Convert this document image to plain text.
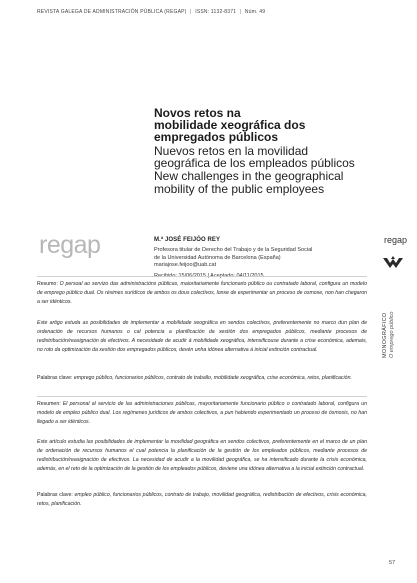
REVISTA GALEGA DE ADMINISTRACIÓN PÚBLICA (REGAP) | ISSN: 1132-8371 | Núm. 49
Novos retos na
mobilidade xeográfica dos
empregados públicos
Nuevos retos en la movilidad
geográfica de los empleados públicos
New challenges in the geographical
mobility of the public employees
regap	M.ª JOSÉ FEIJÓO REY
Profesora titular de Derecho del Trabajo y de la Seguridad Social
de la Universidad Autónoma de Barcelona (España)
mariajose.feijoo@uab.cat
Recibido: 15/06/2015 | Aceptado: 04/11/2015
regap
MONOGRÁFICO O emprego público
Resumo: O persoal ao servizo das administracións públicas, maioritariamente funcionario público ou contratado laboral, configura un modelo de emprego público dual. Os réximes xurídicos de ambos os dous colectivos, lonxe de experimentar un proceso de osmose, non han chegaron a ser idénticos.
Este artigo estuda as posibilidades de implementar a mobilidade xeográfica en sendos colectivos, preferentemente no marco dun plan de ordenación de recursos humanos o cal potencia a planificación da xestión dos empregados públicos, mediante procesos de redistribución/reasignación de efectivos. A necesidade de acudir á mobilidade xeográfica, intensificouse durante a crise económica, ademais, no roto da optimización da xestión dos empregados públicos, devén unha idónea alternativa á inicial extinción contractual.
Palabras clave: emprego público, funcionarios públicos, contrato de traballo, mobilidade xeográfica, crise económica, retos, planificación.
Resumen: El personal al servicio de las administraciones públicas, mayoritariamente funcionario público o contratado laboral, configura un modelo de empleo público dual. Los regímenes jurídicos de ambos colectivos, a pun habiendo experimentado un proceso de ósmosis, no han llegado a ser idénticos.
Este artículo estudia las posibilidades de implementar la movilidad geográfica en sendos colectivos, preferentemente en el marco de un plan de ordenación de recursos humanos el cual potencia la planificación de la gestión de los empleados públicos, mediante procesos de redistribución/reasignación de efectivos. La necesidad de acudir a la movilidad geográfica, se ha intensificado durante la crisis económica, además, en el reto de la optimización de la gestión de los empleados públicos, deviene una idónea alternativa a la inicial extinción contractual.
Palabras clave: empleo público, funcionarios públicos, contrato de trabajo, movilidad geográfica, redistribución de efectivos, crisis económica, retos, planificación.
57
